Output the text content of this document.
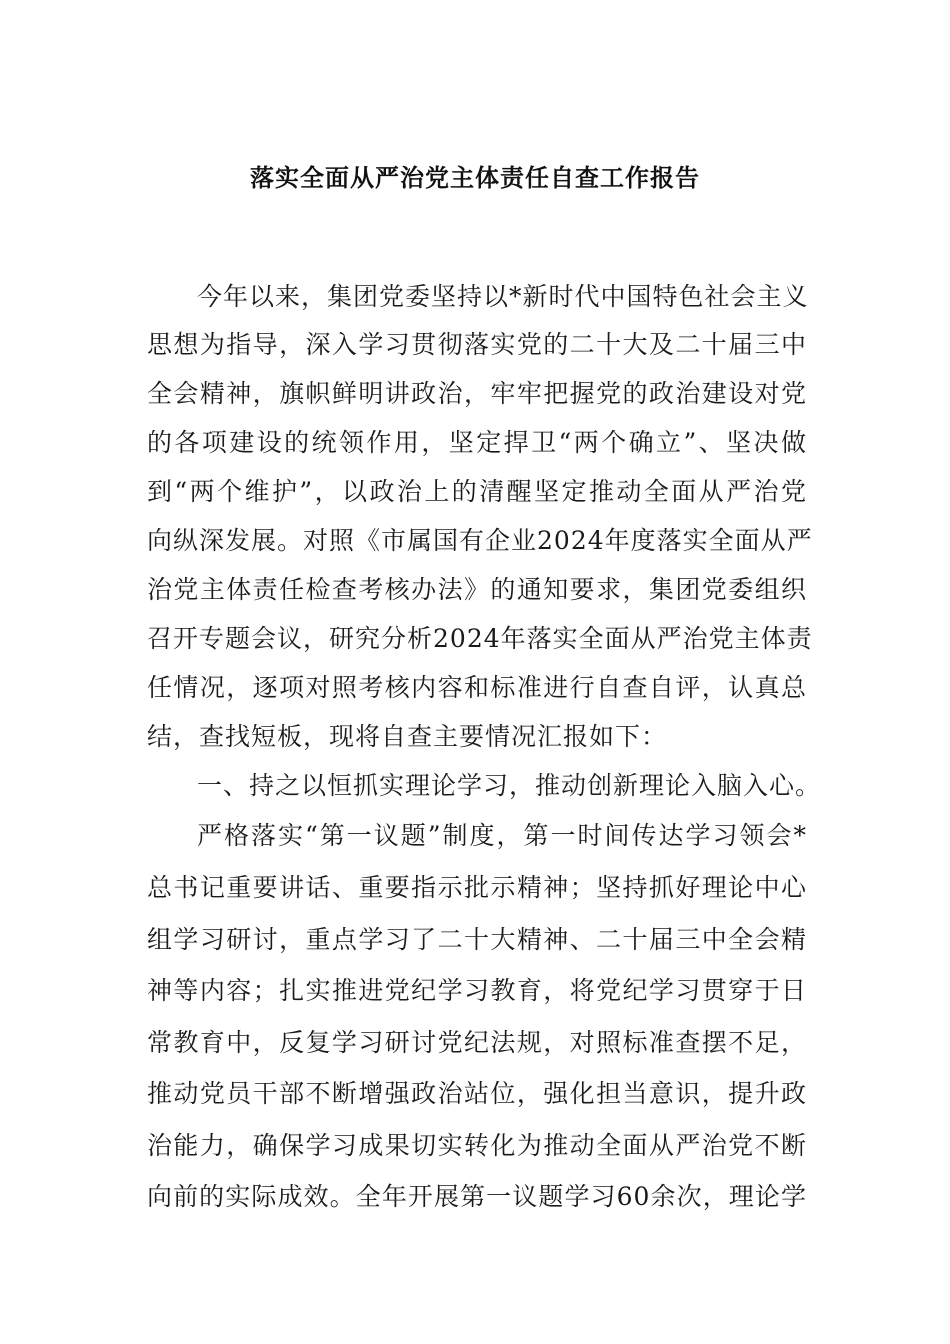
落实全面从严治党主体责任自查工作报告
今年以来，集团党委坚持以*新时代中国特色社会主义
思想为指导，深入学习贯彻落实党的二十大及二十届三中
全会精神，旗帜鲜明讲政治，牢牢把握党的政治建设对党
的各项建设的统领作用，坚定捍卫“两个确立”、坚决做
到“两个维护”，以政治上的清醒坚定推动全面从严治党
向纵深发展。对照《市属国有企业2024年度落实全面从严
治党主体责任检查考核办法》的通知要求，集团党委组织
召开专题会议，研究分析2024年落实全面从严治党主体责
任情况，逐项对照考核内容和标准进行自查自评，认真总
结，查找短板，现将自查主要情况汇报如下：
一、持之以恒抓实理论学习，推动创新理论入脑入心。
严格落实“第一议题”制度，第一时间传达学习领会*
总书记重要讲话、重要指示批示精神；坚持抓好理论中心
组学习研讨，重点学习了二十大精神、二十届三中全会精
神等内容；扎实推进党纪学习教育，将党纪学习贯穿于日
常教育中，反复学习研讨党纪法规，对照标准查摆不足，
推动党员干部不断增强政治站位，强化担当意识，提升政
治能力，确保学习成果切实转化为推动全面从严治党不断
向前的实际成效。全年开展第一议题学习60余次，理论学
